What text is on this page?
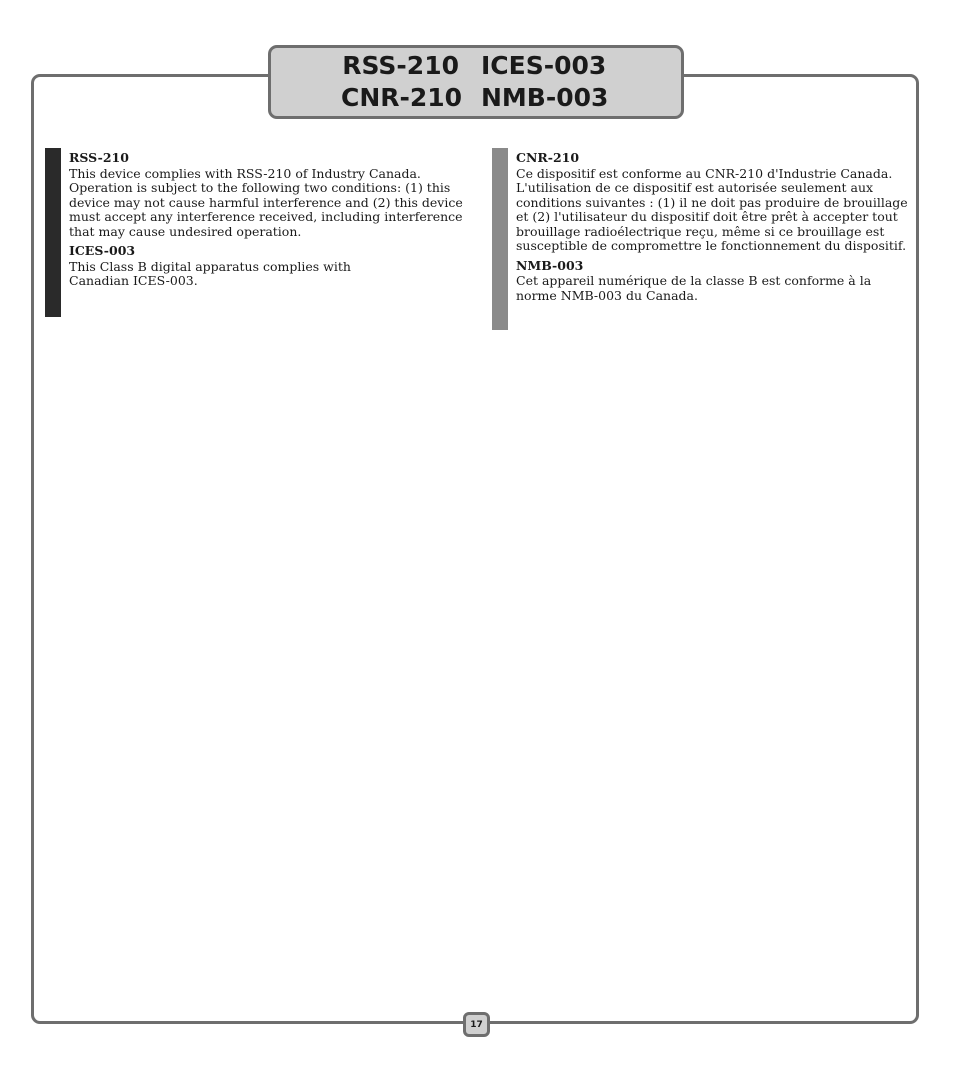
RSS-210 ICES-003
CNR-210 NMB-003
RSS-210

This device complies with RSS-210 of Industry Canada. Operation is subject to the following two conditions: (1) this device may not cause harmful interference and (2) this device must accept any interference received, including interference that may cause undesired operation.

ICES-003

This Class B digital apparatus complies with Canadian ICES-003.

CNR-210

Ce dispositif est conforme au CNR-210 d'Industrie Canada. L'utilisation de ce dispositif est autorisée seulement aux conditions suivantes : (1) il ne doit pas produire de brouillage et (2) l'utilisateur du dispositif doit être prêt à accepter tout brouillage radioélectrique reçu, même si ce brouillage est susceptible de compromettre le fonctionnement du dispositif.

NMB-003

Cet appareil numérique de la classe B est conforme à la norme NMB-003 du Canada.

17
